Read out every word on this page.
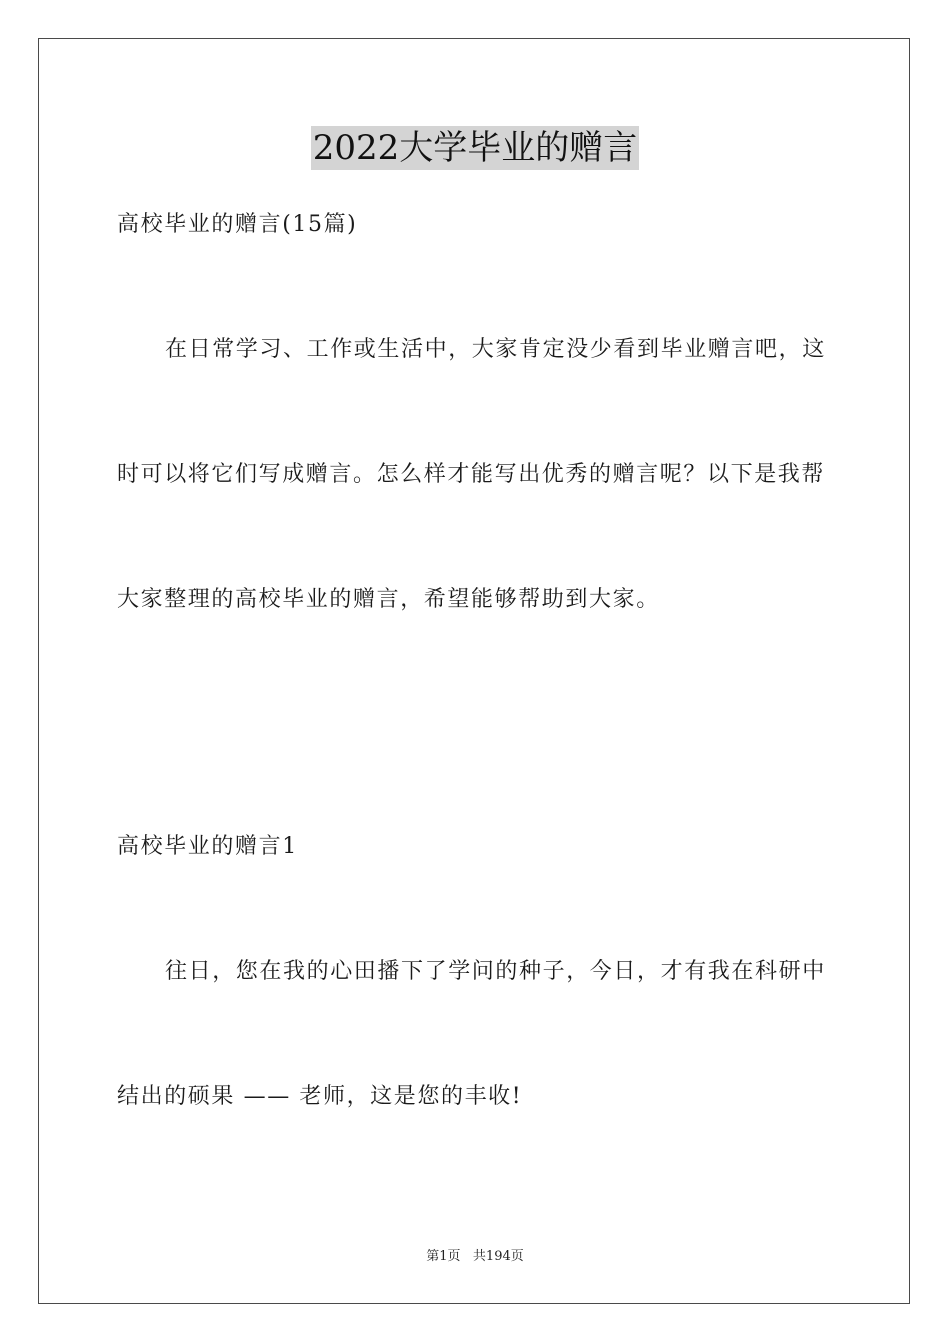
2022大学毕业的赠言
高校毕业的赠言(15篇)
在日常学习、工作或生活中，大家肯定没少看到毕业赠言吧，这
时可以将它们写成赠言。怎么样才能写出优秀的赠言呢？以下是我帮
大家整理的高校毕业的赠言，希望能够帮助到大家。
高校毕业的赠言1
往日，您在我的心田播下了学问的种子，今日，才有我在科研中
结出的硕果 —— 老师，这是您的丰收!
第1页   共194页
